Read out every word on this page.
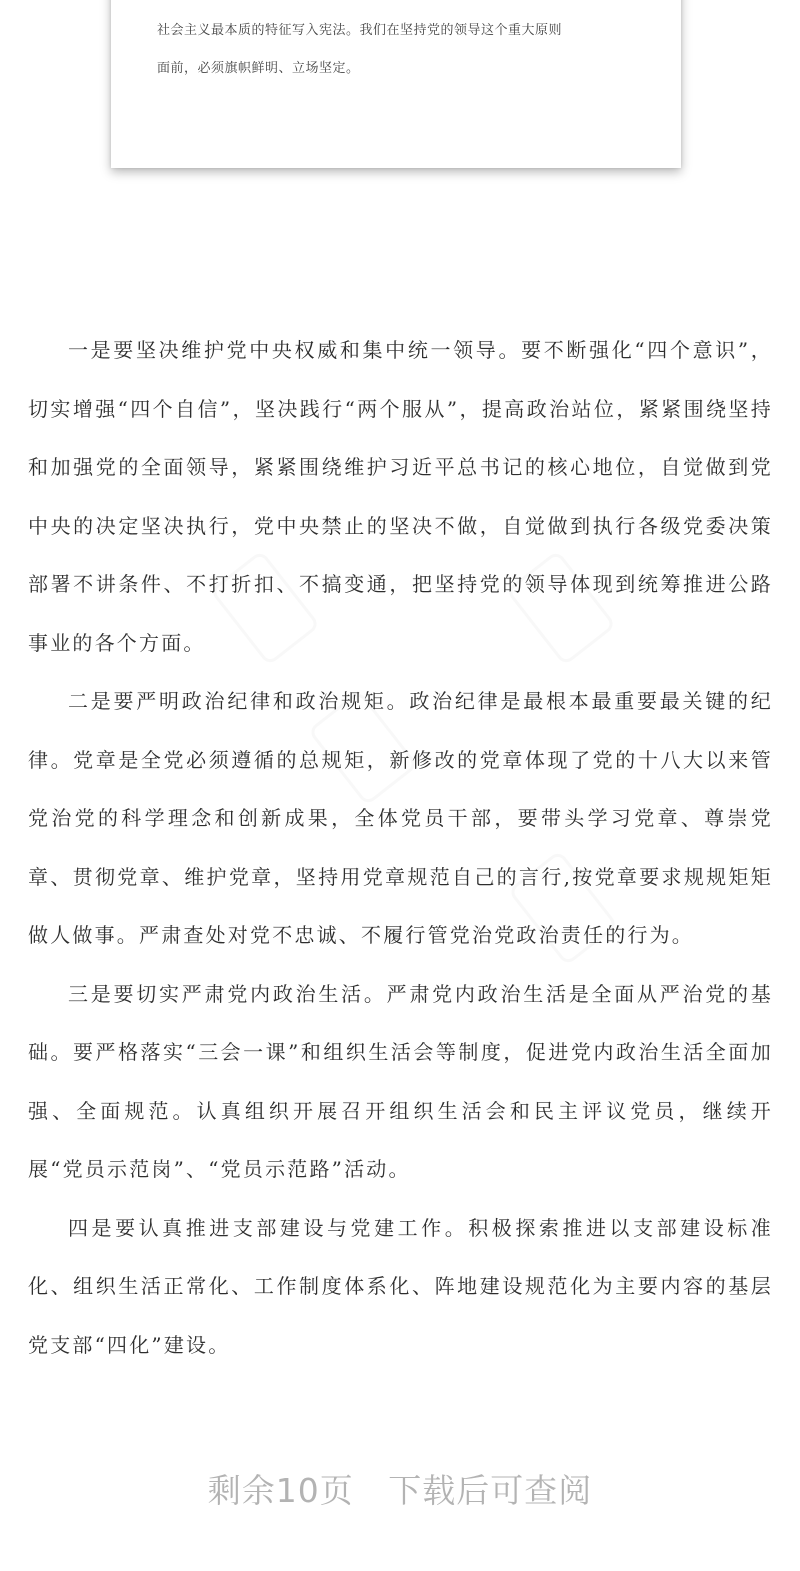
社会主义最本质的特征写入宪法。我们在坚持党的领导这个重大原则

面前，必须旗帜鲜明、立场坚定。

一是要坚决维护党中央权威和集中统一领导。要不断强化“四个意识”，切实增强“四个自信”，坚决践行“两个服从”，提高政治站位，紧紧围绕坚持和加强党的全面领导，紧紧围绕维护习近平总书记的核心地位，自觉做到党中央的决定坚决执行，党中央禁止的坚决不做，自觉做到执行各级党委决策部署不讲条件、不打折扣、不搞变通，把坚持党的领导体现到统筹推进公路事业的各个方面。

二是要严明政治纪律和政治规矩。政治纪律是最根本最重要最关键的纪律。党章是全党必须遵循的总规矩，新修改的党章体现了党的十八大以来管党治党的科学理念和创新成果，全体党员干部，要带头学习党章、尊崇党章、贯彻党章、维护党章，坚持用党章规范自己的言行,按党章要求规规矩矩做人做事。严肃查处对党不忠诚、不履行管党治党政治责任的行为。

三是要切实严肃党内政治生活。严肃党内政治生活是全面从严治党的基础。要严格落实“三会一课”和组织生活会等制度，促进党内政治生活全面加强、全面规范。认真组织开展召开组织生活会和民主评议党员，继续开展“党员示范岗”、“党员示范路”活动。

四是要认真推进支部建设与党建工作。积极探索推进以支部建设标准化、组织生活正常化、工作制度体系化、阵地建设规范化为主要内容的基层党支部“四化”建设。

剩余10页   下载后可查阅
